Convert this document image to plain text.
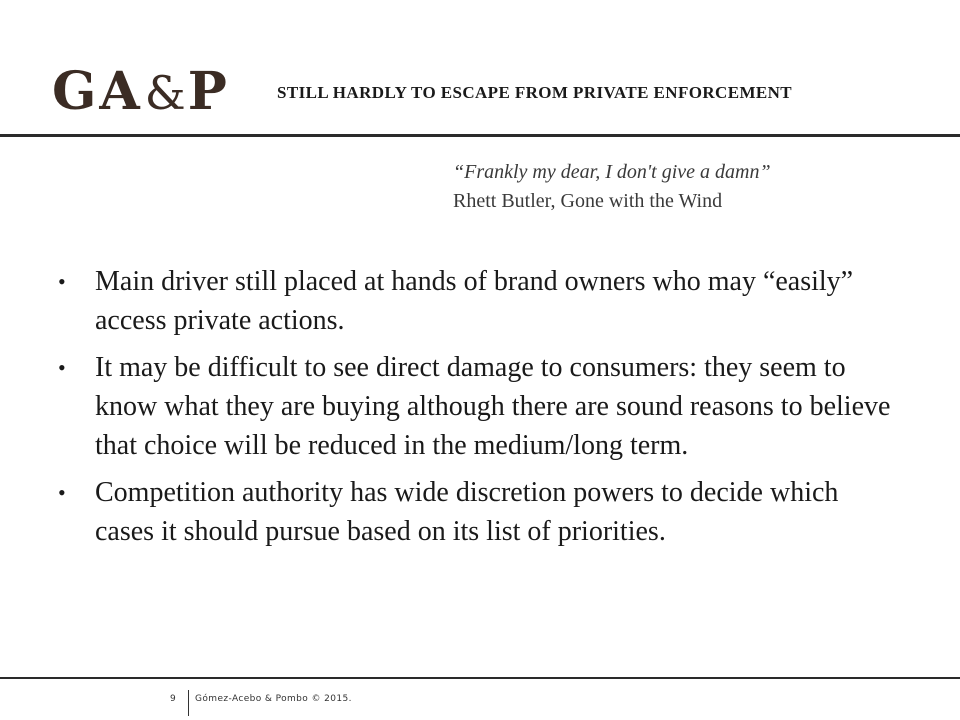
GA&P	STILL HARDLY TO ESCAPE FROM PRIVATE ENFORCEMENT
“Frankly my dear, I don't give a damn”
Rhett Butler, Gone with the Wind
• Main driver still placed at hands of brand owners who may “easily” access private actions.
• It may be difficult to see direct damage to consumers: they seem to know what they are buying although there are sound reasons to believe that choice will be reduced in the medium/long term.
• Competition authority has wide discretion powers to decide which cases it should pursue based on its list of priorities.
9 Gómez-Acebo & Pombo © 2015.
